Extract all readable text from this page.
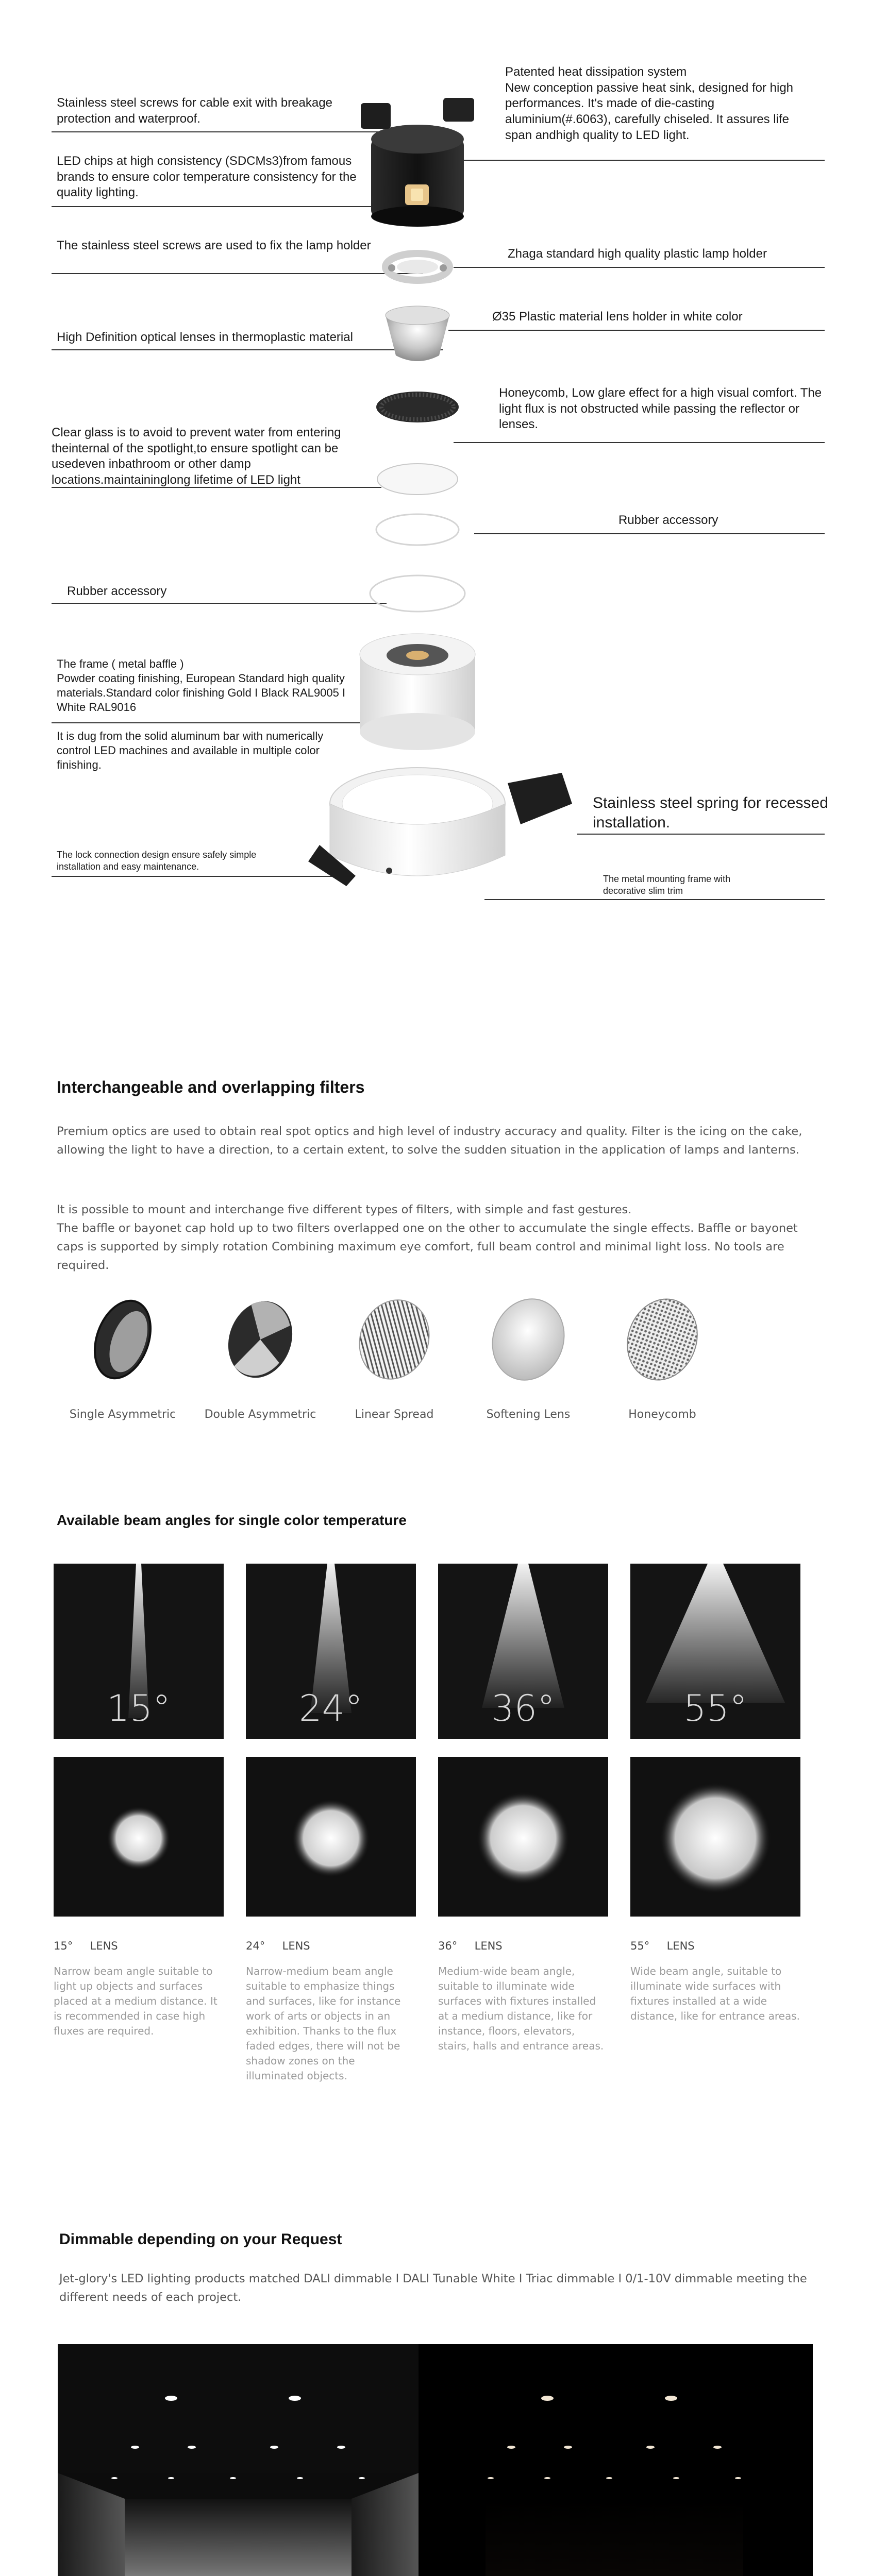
Patented heat dissipation system
New conception passive heat sink, designed for high performances. It's made of die-casting aluminium(#.6063), carefully chiseled. It assures life span andhigh quality to LED light.
Stainless steel screws for cable exit with breakage protection and waterproof.
LED chips at high consistency (SDCMs3)from famous brands to ensure color temperature consistency for the quality lighting.
The stainless steel screws are used to fix the lamp holder
Zhaga standard high quality plastic lamp holder
High Definition optical lenses in thermoplastic material
Ø35 Plastic material lens holder in white color
Honeycomb, Low glare effect for a high visual comfort. The light flux is not obstructed while passing the reflector or lenses.
Clear glass is to avoid to prevent water from entering theinternal of the spotlight,to ensure spotlight can be usedeven inbathroom or other damp locations.maintaininglong lifetime of LED light
Rubber accessory
Rubber accessory
The frame ( metal baffle )
Powder coating finishing, European Standard high quality materials.Standard color finishing Gold I Black RAL9005 I White RAL9016
It is dug from the solid aluminum bar with numerically control LED machines and available in multiple color finishing.
Stainless steel spring for recessed installation.
The lock connection design ensure safely simple installation and easy maintenance.
The metal mounting frame with decorative slim trim
Interchangeable and overlapping filters
Premium optics are used to obtain real spot optics and high level of industry accuracy and quality. Filter is the icing on the cake, allowing the light to have a direction, to a certain extent, to solve the sudden situation in the application of lamps and lanterns.
It is possible to mount and interchange five different types of filters, with simple and fast gestures.
The baffle or bayonet cap hold up to two filters overlapped one on the other to accumulate the single effects. Baffle or bayonet caps is supported by simply rotation Combining maximum eye comfort, full beam control and minimal light loss. No tools are required.
Single Asymmetric	Double Asymmetric	Linear Spread	Softening Lens	Honeycomb
Available beam angles for single color temperature
15°	24°	36°	55°
15° LENS
Narrow beam angle suitable to light up objects and surfaces placed at a medium distance. It is recommended in case high fluxes are required.
24° LENS
Narrow-medium beam angle suitable to emphasize things and surfaces, like for instance work of arts or objects in an exhibition. Thanks to the flux faded edges, there will not be shadow zones on the illuminated objects.
36° LENS
Medium-wide beam angle, suitable to illuminate wide surfaces with fixtures installed at a medium distance, like for instance, floors, elevators, stairs, halls and entrance areas.
55° LENS
Wide beam angle, suitable to illuminate wide surfaces with fixtures installed at a wide distance, like for entrance areas.
Dimmable depending on your Request
Jet-glory's LED lighting products matched DALI dimmable I DALI Tunable White I Triac dimmable I 0/1-10V dimmable meeting the different needs of each project.
